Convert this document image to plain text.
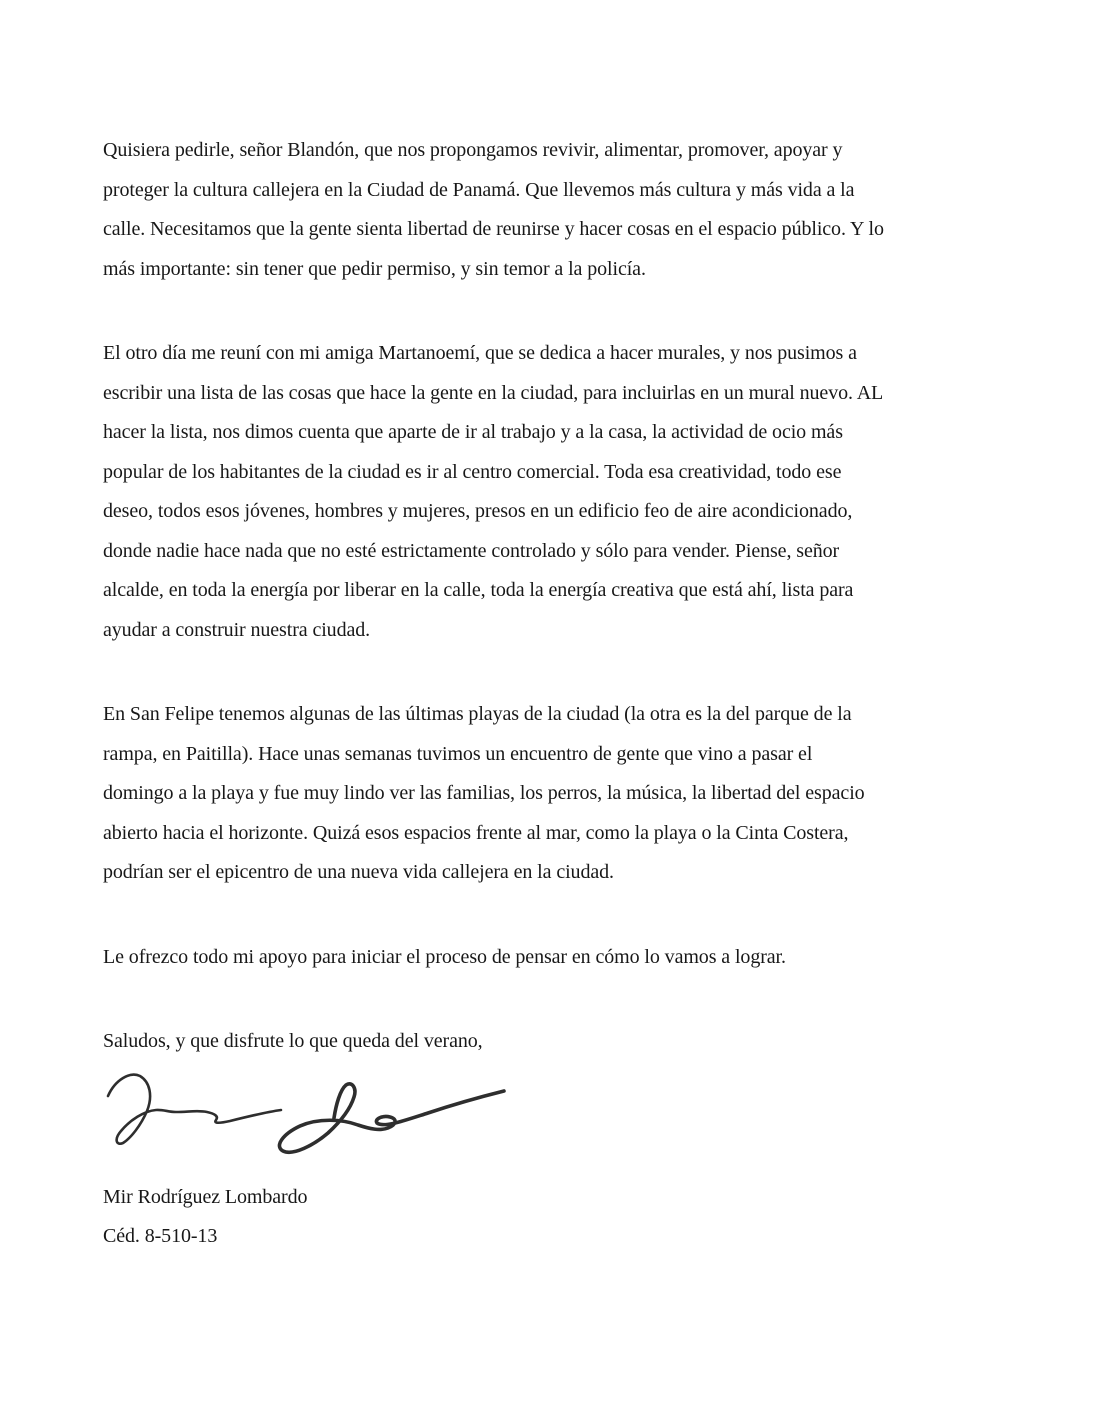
Quisiera pedirle, señor Blandón, que nos propongamos revivir, alimentar, promover, apoyar y
proteger la cultura callejera en la Ciudad de Panamá. Que llevemos más cultura y más vida a la
calle. Necesitamos que la gente sienta libertad de reunirse y hacer cosas en el espacio público. Y lo
más importante: sin tener que pedir permiso, y sin temor a la policía.
El otro día me reuní con mi amiga Martanoemí, que se dedica a hacer murales, y nos pusimos a
escribir una lista de las cosas que hace la gente en la ciudad, para incluirlas en un mural nuevo. AL
hacer la lista, nos dimos cuenta que aparte de ir al trabajo y a la casa, la actividad de ocio más
popular de los habitantes de la ciudad es ir al centro comercial. Toda esa creatividad, todo ese
deseo, todos esos jóvenes, hombres y mujeres, presos en un edificio feo de aire acondicionado,
donde nadie hace nada que no esté estrictamente controlado y sólo para vender. Piense, señor
alcalde, en toda la energía por liberar en la calle, toda la energía creativa que está ahí, lista para
ayudar a construir nuestra ciudad.
En San Felipe tenemos algunas de las últimas playas de la ciudad (la otra es la del parque de la
rampa, en Paitilla). Hace unas semanas tuvimos un encuentro de gente que vino a pasar el
domingo a la playa y fue muy lindo ver las familias, los perros, la música, la libertad del espacio
abierto hacia el horizonte. Quizá esos espacios frente al mar, como la playa o la Cinta Costera,
podrían ser el epicentro de una nueva vida callejera en la ciudad.
Le ofrezco todo mi apoyo para iniciar el proceso de pensar en cómo lo vamos a lograr.
Saludos, y que disfrute lo que queda del verano,
Mir Rodríguez Lombardo
Céd. 8-510-13
